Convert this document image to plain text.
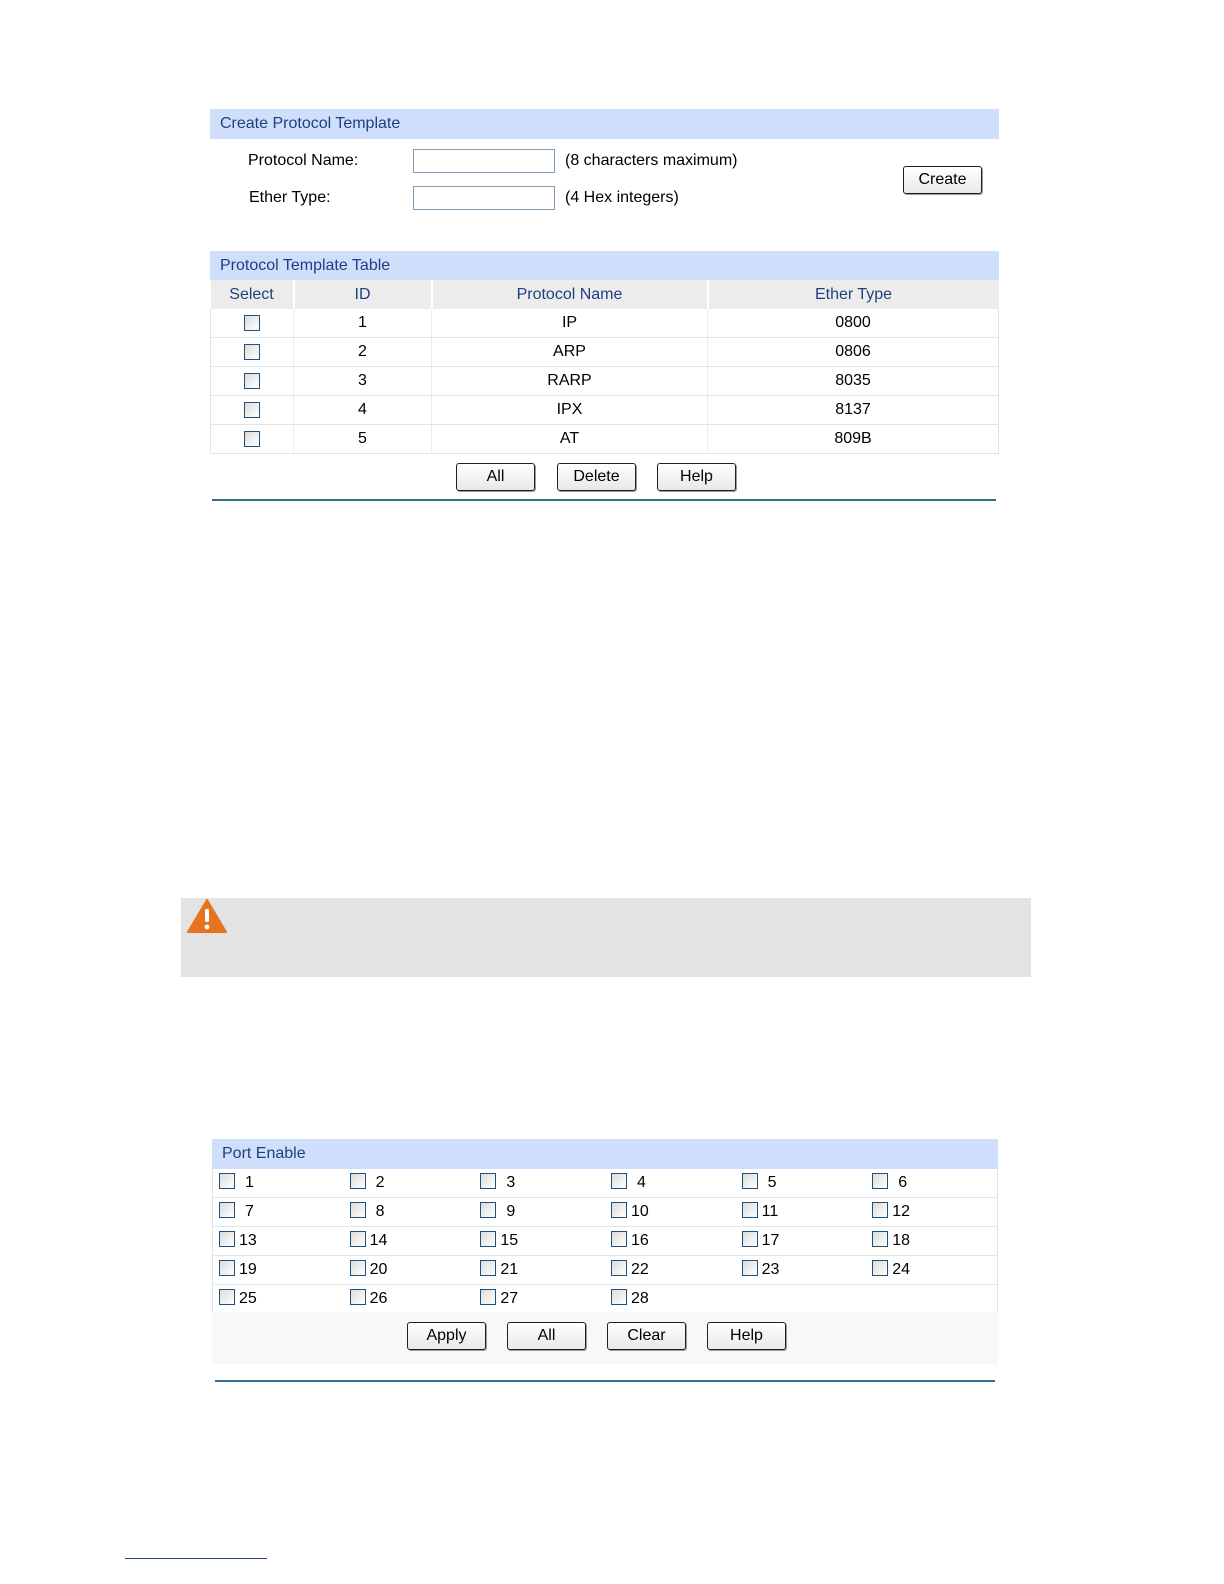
Create Protocol Template
Protocol Name:	(8 characters maximum)
Ether Type:	(4 Hex integers)
Create
Protocol Template Table
Select	ID	Protocol Name	Ether Type
	1	IP	0800
	2	ARP	0806
	3	RARP	8035
	4	IPX	8137
	5	AT	809B
All	Delete	Help
Port Enable
1	2	3	4	5	6

7	8	9	10	11	12

13	14	15	16	17	18

19	20	21	22	23	24

25	26	27	28		

Apply	All	Clear	Help
